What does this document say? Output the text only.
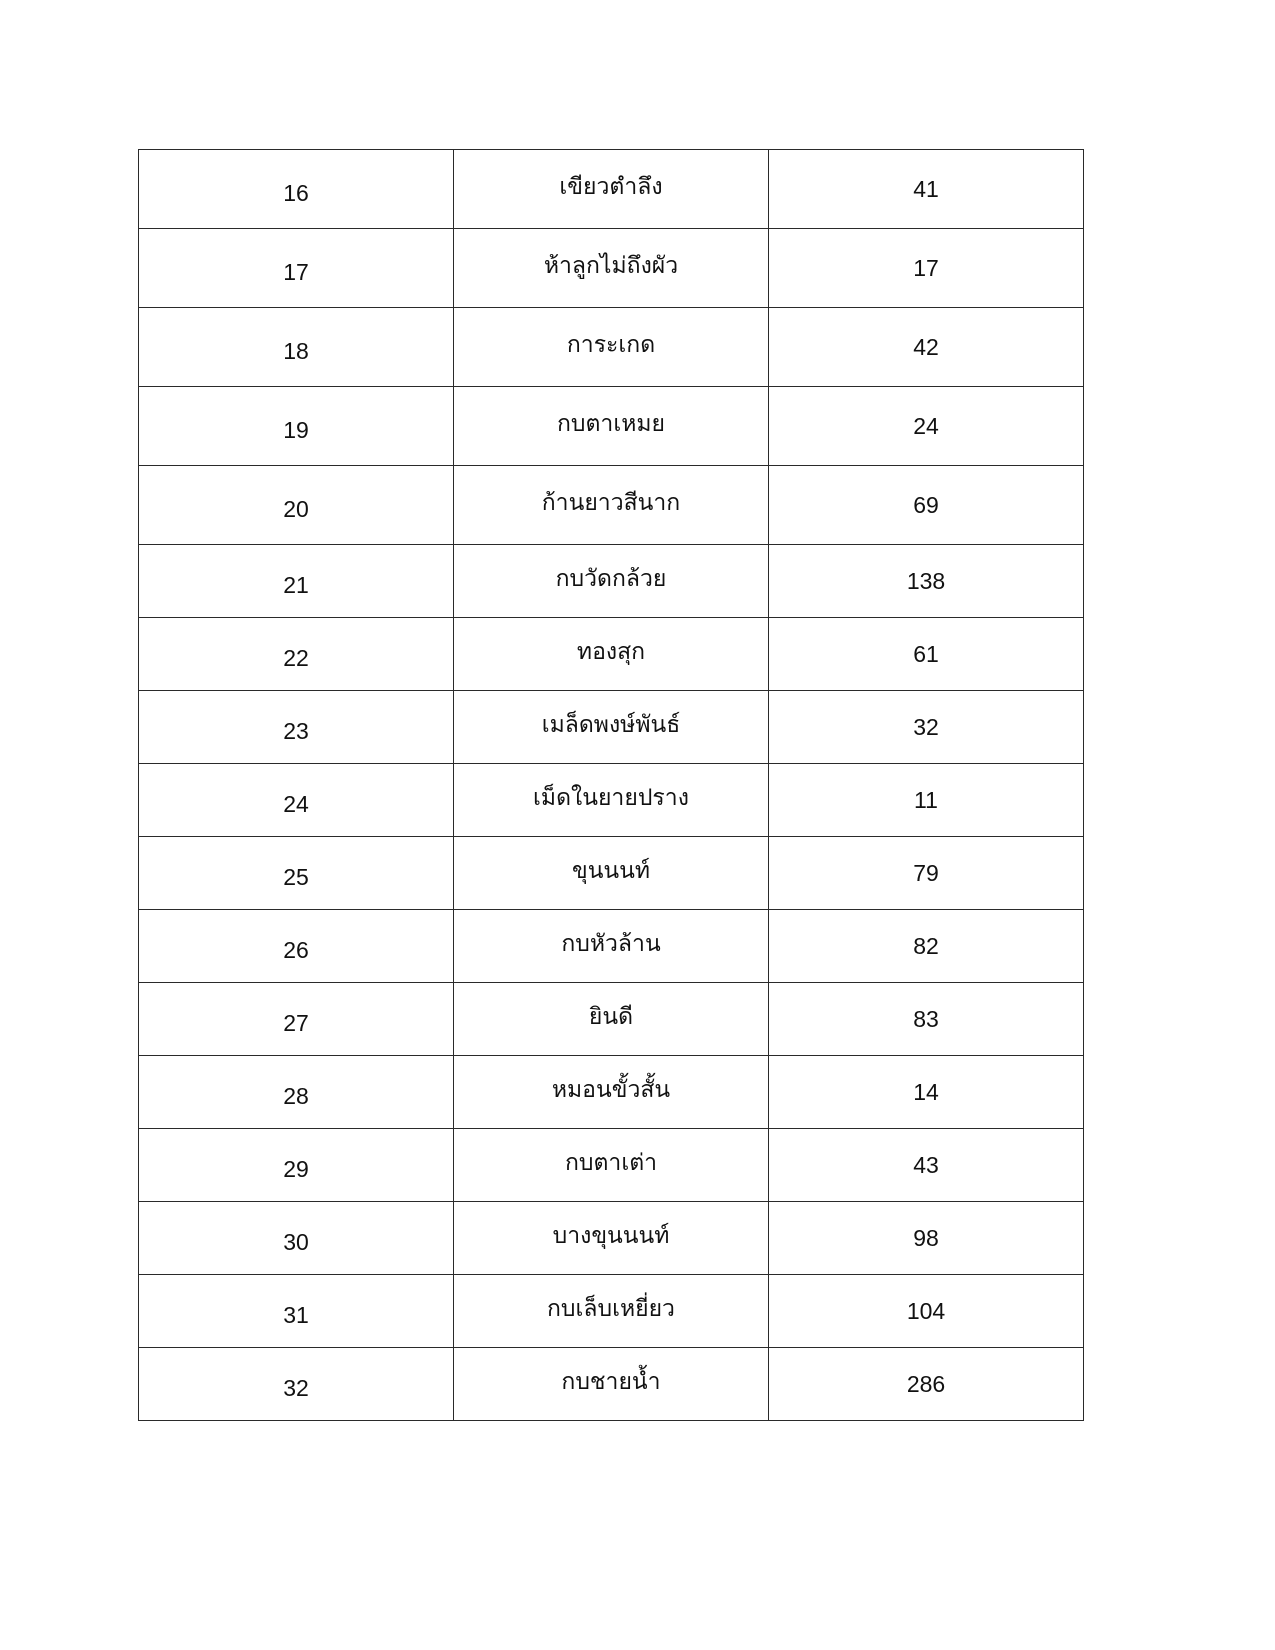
16	เขียวตำลึง	41
17	ห้าลูกไม่ถึงผัว	17
18	การะเกด	42
19	กบตาเหมย	24
20	ก้านยาวสีนาก	69
21	กบวัดกล้วย	138
22	ทองสุก	61
23	เมล็ดพงษ์พันธ์	32
24	เม็ดในยายปราง	11
25	ขุนนนท์	79
26	กบหัวล้าน	82
27	ยินดี	83
28	หมอนขั้วสั้น	14
29	กบตาเต่า	43
30	บางขุนนนท์	98
31	กบเล็บเหยี่ยว	104
32	กบชายน้ำ	286
